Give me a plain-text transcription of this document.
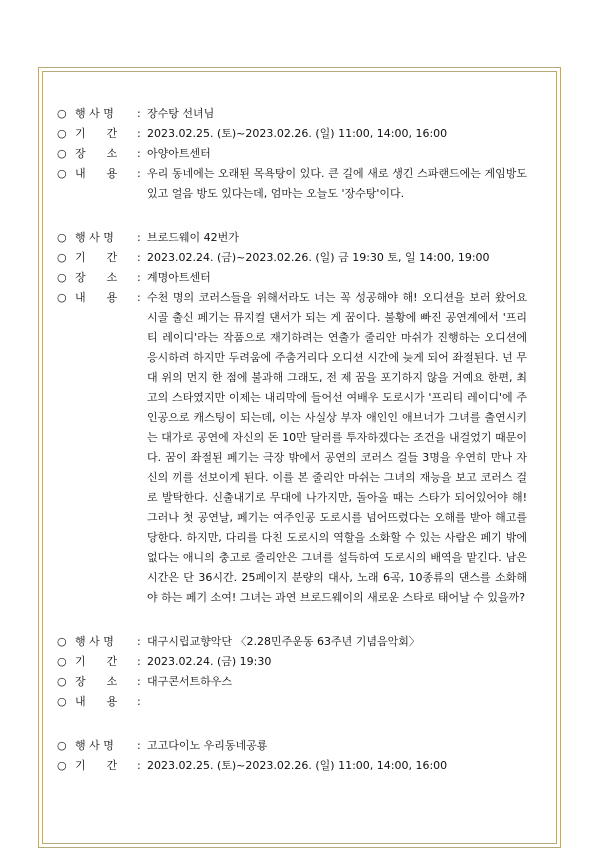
○ 행 사 명	: 장수탕 선녀님
○ 기      간	: 2023.02.25. (토)~2023.02.26. (일) 11:00, 14:00, 16:00
○ 장      소	: 아양아트센터
○ 내      용	: 우리 동네에는 오래된 목욕탕이 있다. 큰 길에 새로 생긴 스파랜드에는 게임방도 있고 얼음 방도 있다는데, 엄마는 오늘도 '장수탕'이다.
○ 행 사 명	: 브로드웨이 42번가
○ 기      간	: 2023.02.24. (금)~2023.02.26. (일) 금 19:30 토, 일 14:00, 19:00
○ 장      소	: 계명아트센터
○ 내      용	: 수천 명의 코러스들을 위해서라도 너는 꼭 성공해야 해! 오디션을 보러 왔어요 시골 출신 페기는 뮤지컬 댄서가 되는 게 꿈이다. 불황에 빠진 공연계에서 '프리티 레이디'라는 작품으로 재기하려는 연출가 줄리안 마쉬가 진행하는 오디션에 응시하려 하지만 두려움에 주춤거리다 오디션 시간에 늦게 되어 좌절된다. 넌 무대 위의 먼지 한 점에 불과해 그래도, 전 제 꿈을 포기하지 않을 거예요 한편, 최고의 스타였지만 이제는 내리막에 들어선 여배우 도로시가 '프리티 레이디'에 주인공으로 캐스팅이 되는데, 이는 사실상 부자 애인인 애브너가 그녀를 출연시키는 대가로 공연에 자신의 돈 10만 달러를 투자하겠다는 조건을 내걸었기 때문이다. 꿈이 좌절된 페기는 극장 밖에서 공연의 코러스 걸들 3명을 우연히 만나 자신의 끼를 선보이게 된다. 이를 본 줄리안 마쉬는 그녀의 재능을 보고 코러스 걸로 발탁한다. 신출내기로 무대에 나가지만, 돌아올 때는 스타가 되어있어야 해! 그러나 첫 공연날, 페기는 여주인공 도로시를 넘어뜨렸다는 오해를 받아 해고를 당한다. 하지만, 다리를 다친 도로시의 역할을 소화할 수 있는 사람은 페기 밖에 없다는 애니의 충고로 줄리안은 그녀를 설득하여 도로시의 배역을 맡긴다. 남은 시간은 단 36시간. 25페이지 분량의 대사, 노래 6곡, 10종류의 댄스를 소화해야 하는 페기 소여! 그녀는 과연 브로드웨이의 새로운 스타로 태어날 수 있을까?
○ 행 사 명	: 대구시립교향악단 〈2.28민주운동 63주년 기념음악회〉
○ 기      간	: 2023.02.24. (금) 19:30
○ 장      소	: 대구콘서트하우스
○ 내      용	:
○ 행 사 명	: 고고다이노 우리동네공룡
○ 기      간	: 2023.02.25. (토)~2023.02.26. (일) 11:00, 14:00, 16:00
